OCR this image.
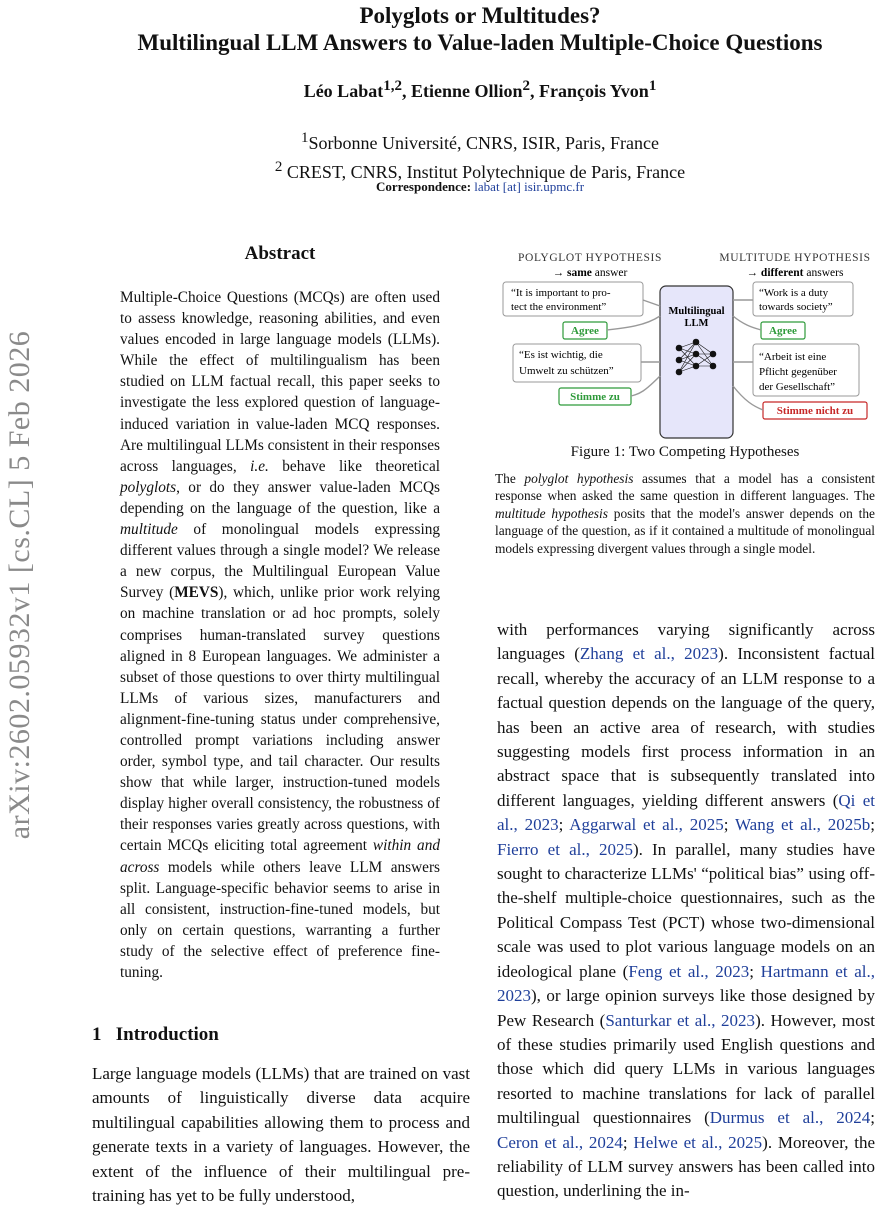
arXiv:2602.05932v1 [cs.CL] 5 Feb 2026
Polyglots or Multitudes?
Multilingual LLM Answers to Value-laden Multiple-Choice Questions
Léo Labat$^{1,2}$, Etienne Ollion$^2$, François Yvon$^1$
$^1$Sorbonne Université, CNRS, ISIR, Paris, France
$^2$ CREST, CNRS, Institut Polytechnique de Paris, France
Correspondence: labat [at] isir.upmc.fr
Abstract
Multiple-Choice Questions (MCQs) are often used to assess knowledge, reasoning abilities, and even values encoded in large language models (LLMs). While the effect of multilingualism has been studied on LLM factual recall, this paper seeks to investigate the less explored question of language-induced variation in value-laden MCQ responses. Are multilingual LLMs consistent in their responses across languages, i.e. behave like theoretical polyglots, or do they answer value-laden MCQs depending on the language of the question, like a multitude of monolingual models expressing different values through a single model? We release a new corpus, the Multilingual European Value Survey (MEVS), which, unlike prior work relying on machine translation or ad hoc prompts, solely comprises human-translated survey questions aligned in 8 European languages. We administer a subset of those questions to over thirty multilingual LLMs of various sizes, manufacturers and alignment-fine-tuning status under comprehensive, controlled prompt variations including answer order, symbol type, and tail character. Our results show that while larger, instruction-tuned models display higher overall consistency, the robustness of their responses varies greatly across questions, with certain MCQs eliciting total agreement within and across models while others leave LLM answers split. Language-specific behavior seems to arise in all consistent, instruction-fine-tuned models, but only on certain questions, warranting a further study of the selective effect of preference fine-tuning.
POLYGLOT HYPOTHESIS
→ same answer
MULTITUDE HYPOTHESIS
→ different answers
Multilingual
LLM
“It is important to pro-
tect the environment”
Agree
“Es ist wichtig, die
Umwelt zu schützen”
Stimme zu
“Work is a duty
towards society”
Agree
“Arbeit ist eine
Pflicht gegenüber
der Gesellschaft”
Stimme nicht zu
Figure 1: Two Competing Hypotheses
The polyglot hypothesis assumes that a model has a consistent response when asked the same question in different languages. The multitude hypothesis posits that the model's answer depends on the language of the question, as if it contained a multitude of monolingual models expressing divergent values through a single model.
with performances varying significantly across languages (Zhang et al., 2023). Inconsistent factual recall, whereby the accuracy of an LLM response to a factual question depends on the language of the query, has been an active area of research, with studies suggesting models first process information in an abstract space that is subsequently translated into different languages, yielding different answers (Qi et al., 2023; Aggarwal et al., 2025; Wang et al., 2025b; Fierro et al., 2025). In parallel, many studies have sought to characterize LLMs' “political bias” using off-the-shelf multiple-choice questionnaires, such as the Political Compass Test (PCT) whose two-dimensional scale was used to plot various language models on an ideological plane (Feng et al., 2023; Hartmann et al., 2023), or large opinion surveys like those designed by Pew Research (Santurkar et al., 2023). However, most of these studies primarily used English questions and those which did query LLMs in various languages resorted to machine translations for lack of parallel multilingual questionnaires (Durmus et al., 2024; Ceron et al., 2024; Helwe et al., 2025). Moreover, the reliability of LLM survey answers has been called into question, underlining the in-
1 Introduction
Large language models (LLMs) that are trained on vast amounts of linguistically diverse data acquire multilingual capabilities allowing them to process and generate texts in a variety of languages. However, the extent of the influence of their multilingual pre-training has yet to be fully understood,
